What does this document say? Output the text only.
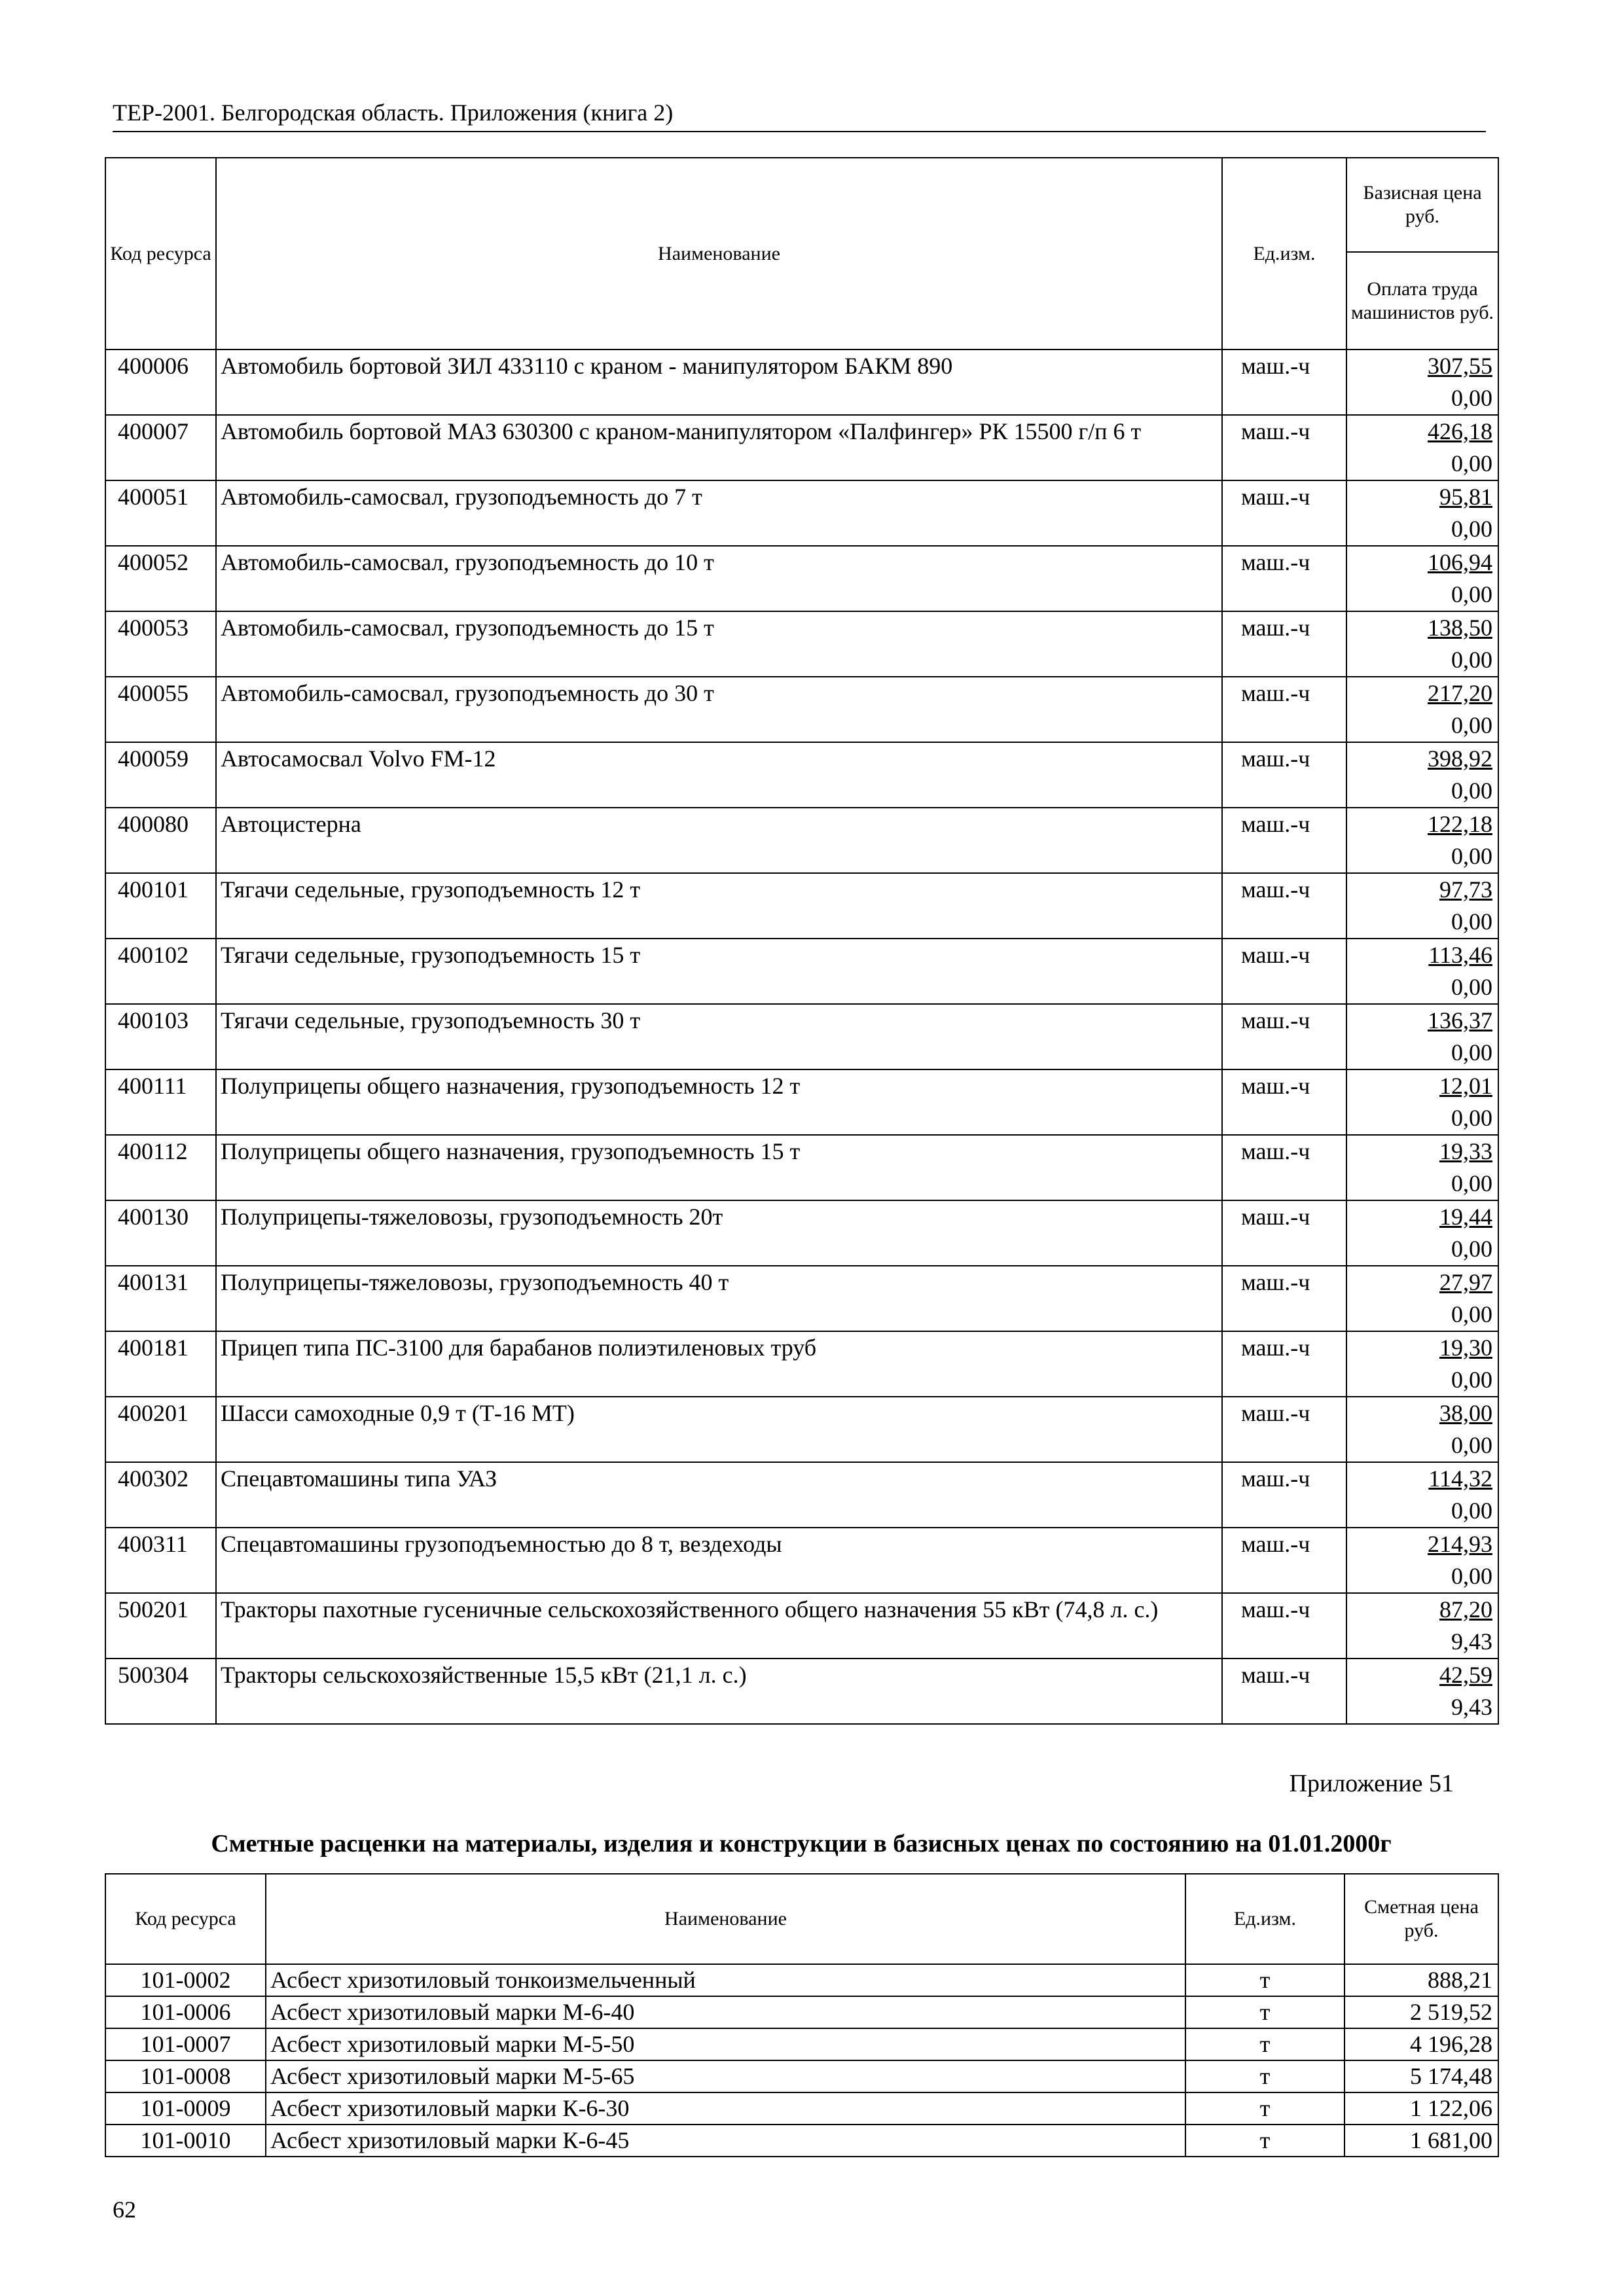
ТЕР-2001. Белгородская область. Приложения (книга 2)
Код ресурса	Наименование	Ед.изм.	Базисная цена руб.
			Оплата труда машинистов руб.
400006	Автомобиль бортовой ЗИЛ 433110 с краном - манипулятором БАКМ 890	маш.-ч	307,55
0,00

400007	Автомобиль бортовой МАЗ 630300 с краном-манипулятором «Палфингер» РК 15500 г/п 6 т	маш.-ч	426,18
0,00

400051	Автомобиль-самосвал, грузоподъемность до 7 т	маш.-ч	95,81
0,00

400052	Автомобиль-самосвал, грузоподъемность до 10 т	маш.-ч	106,94
0,00

400053	Автомобиль-самосвал, грузоподъемность до 15 т	маш.-ч	138,50
0,00

400055	Автомобиль-самосвал, грузоподъемность до 30 т	маш.-ч	217,20
0,00

400059	Автосамосвал Volvo FM-12	маш.-ч	398,92
0,00

400080	Автоцистерна	маш.-ч	122,18
0,00

400101	Тягачи седельные, грузоподъемность 12 т	маш.-ч	97,73
0,00

400102	Тягачи седельные, грузоподъемность 15 т	маш.-ч	113,46
0,00

400103	Тягачи седельные, грузоподъемность 30 т	маш.-ч	136,37
0,00

400111	Полуприцепы общего назначения, грузоподъемность 12 т	маш.-ч	12,01
0,00

400112	Полуприцепы общего назначения, грузоподъемность 15 т	маш.-ч	19,33
0,00

400130	Полуприцепы-тяжеловозы, грузоподъемность 20т	маш.-ч	19,44
0,00

400131	Полуприцепы-тяжеловозы, грузоподъемность 40 т	маш.-ч	27,97
0,00

400181	Прицеп типа ПС-3100 для барабанов полиэтиленовых труб	маш.-ч	19,30
0,00

400201	Шасси самоходные 0,9 т (Т-16 МТ)	маш.-ч	38,00
0,00

400302	Спецавтомашины типа УАЗ	маш.-ч	114,32
0,00

400311	Спецавтомашины грузоподъемностью до 8 т, вездеходы	маш.-ч	214,93
0,00

500201	Тракторы пахотные гусеничные сельскохозяйственного общего назначения 55 кВт (74,8 л. с.)	маш.-ч	87,20
9,43

500304	Тракторы сельскохозяйственные 15,5 кВт (21,1 л. с.)	маш.-ч	42,59
9,43
Приложение 51
Сметные расценки на материалы, изделия и конструкции в базисных ценах по состоянию на 01.01.2000г
Код ресурса	Наименование	Ед.изм.	Сметная цена руб.
101-0002	Асбест хризотиловый тонкоизмельченный	т	888,21
101-0006	Асбест хризотиловый марки М-6-40	т	2 519,52
101-0007	Асбест хризотиловый марки М-5-50	т	4 196,28
101-0008	Асбест хризотиловый марки М-5-65	т	5 174,48
101-0009	Асбест хризотиловый марки К-6-30	т	1 122,06
101-0010	Асбест хризотиловый марки К-6-45	т	1 681,00
62
